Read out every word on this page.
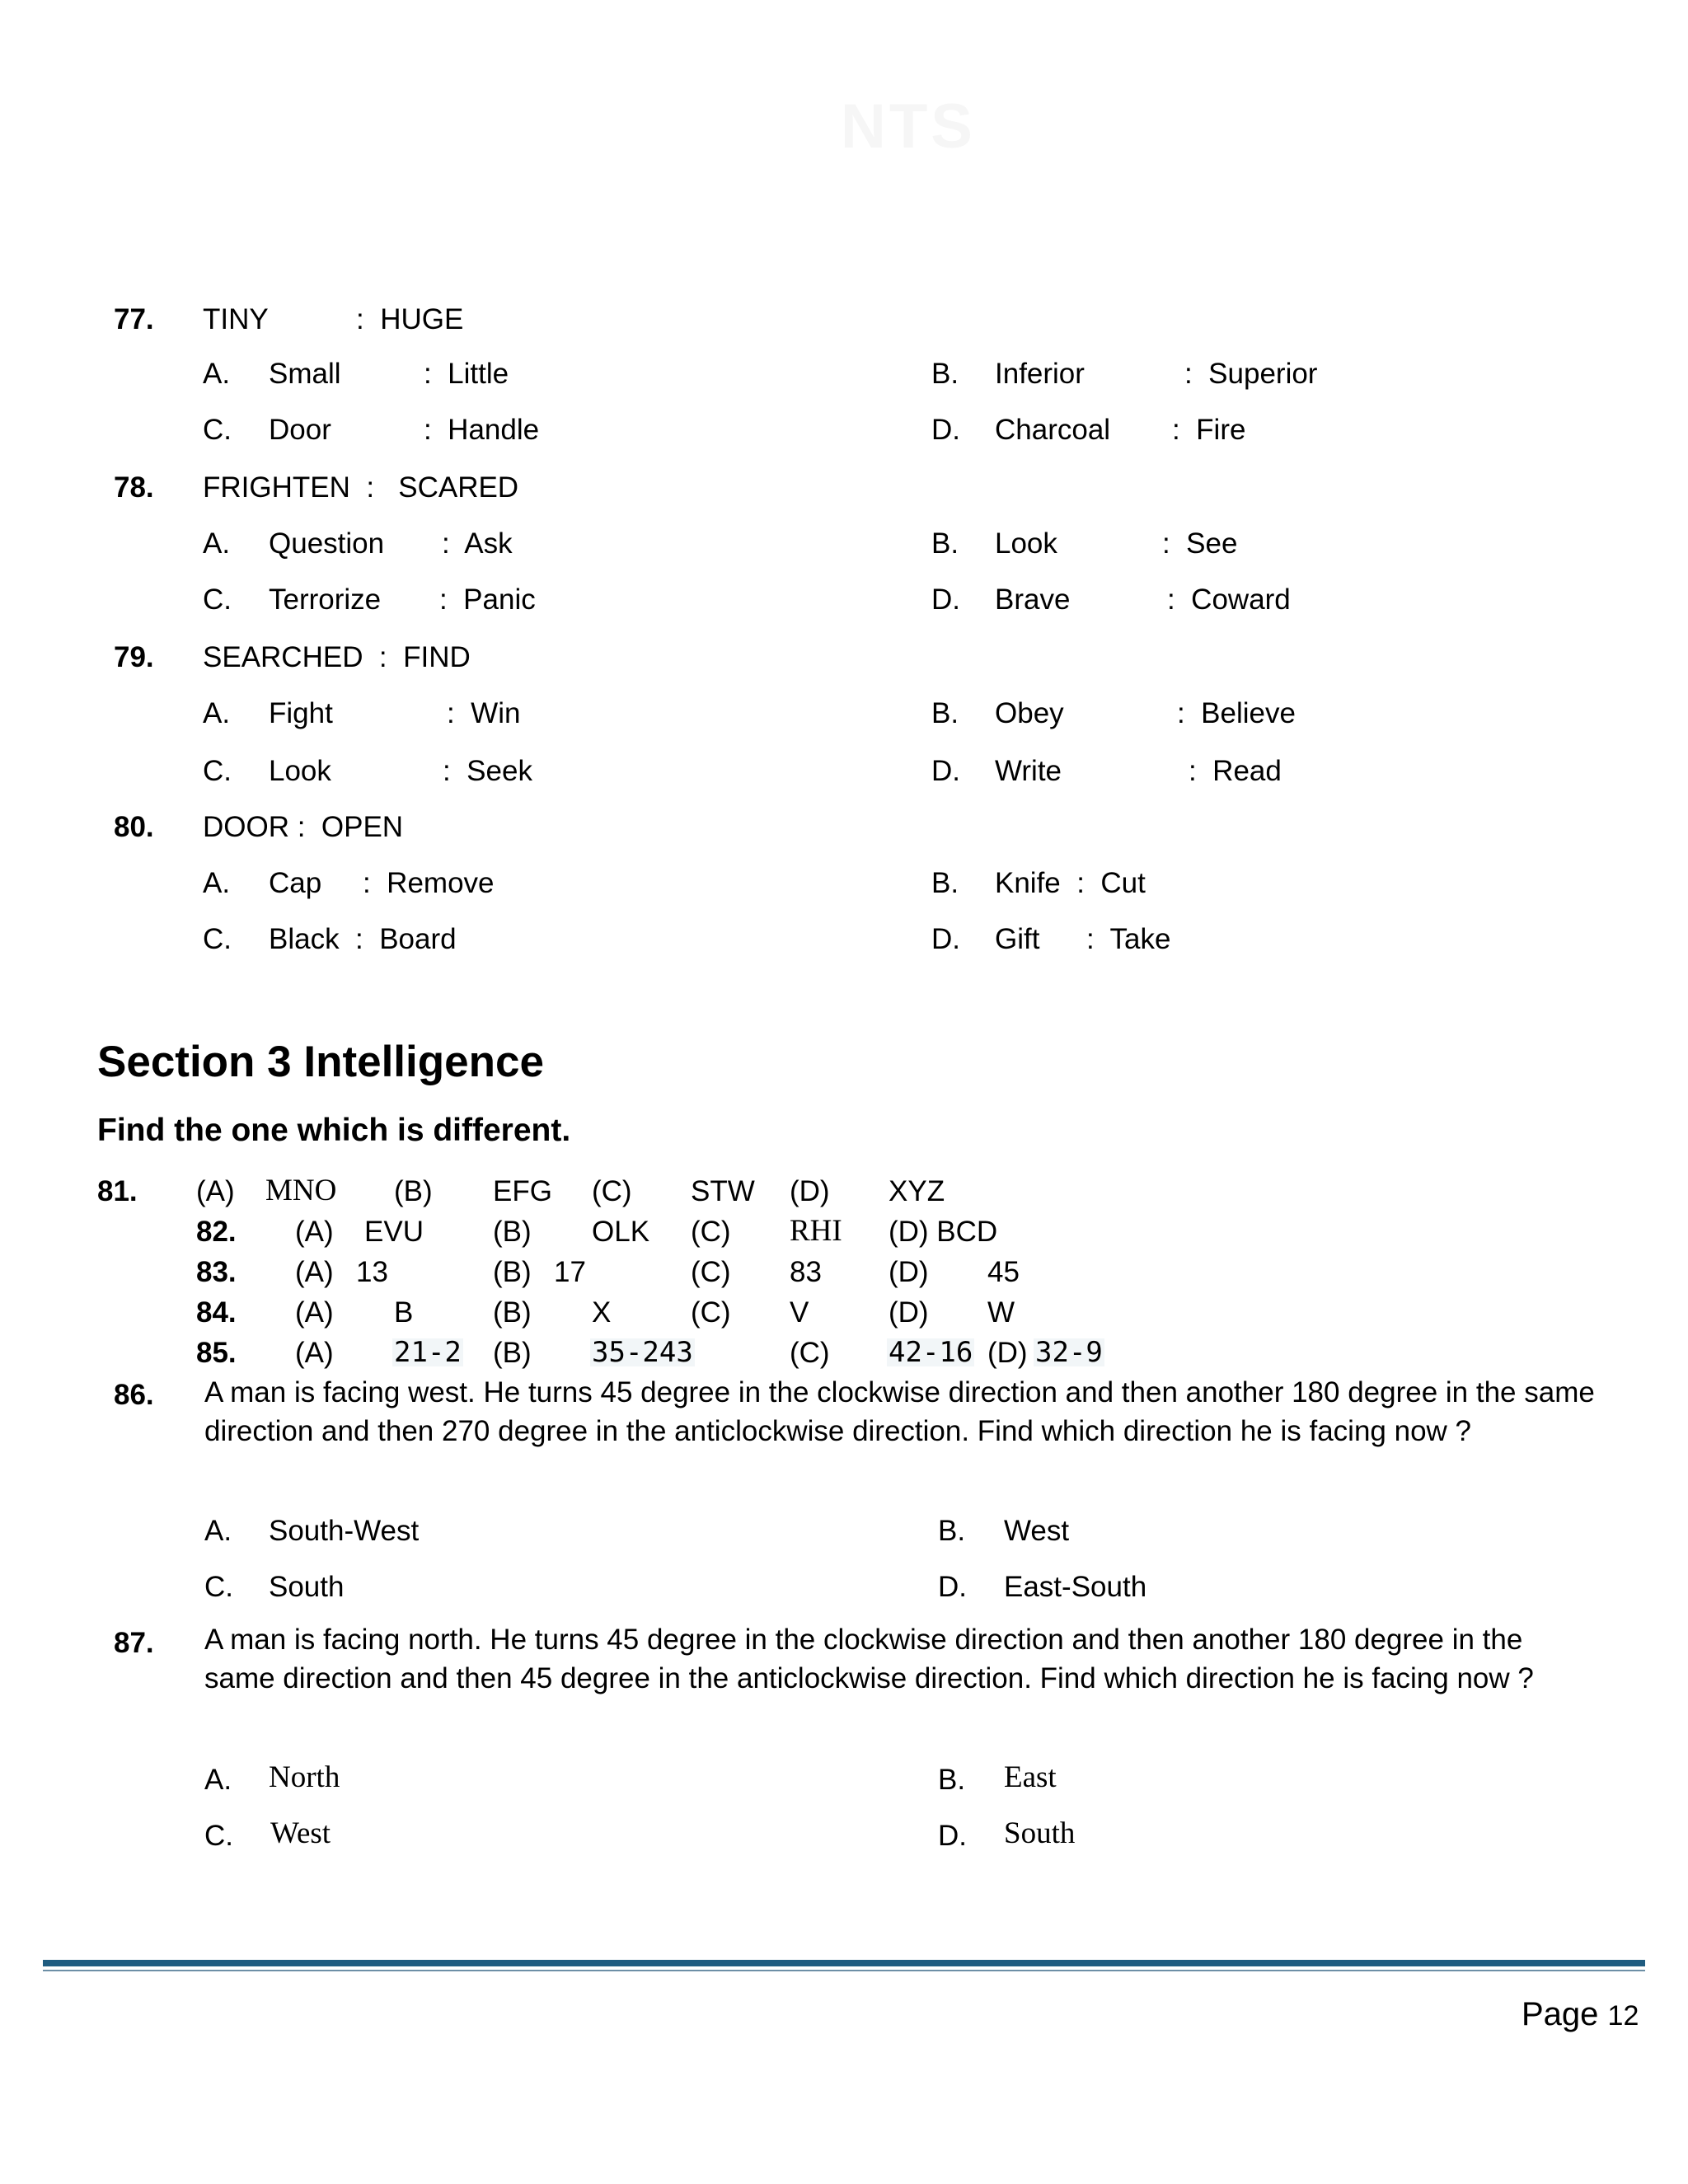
NTS
77. TINY           :  HUGE
A. Small	:  Little	B. Inferior	:  Superior
C. Door	:  Handle	D. Charcoal :  Fire
78. FRIGHTEN  :   SCARED
A. Question :  Ask	B. Look	:  See
C. Terrorize :  Panic	D. Brave	:  Coward
79. SEARCHED  :  FIND
A. Fight	:  Win	B. Obey	:  Believe
C. Look	:  Seek	D. Write	:  Read
80. DOOR :  OPEN
A. Cap :  Remove	B. Knife  :  Cut
C. Black  :  Board	D. Gift :  Take
Section 3 Intelligence
Find the one which is different.
81. (A) MNO (B) EFG (C) STW (D) XYZ
82. (A) EVU (B) OLK (C) RHI (D) BCD
83. (A) 13	(B) 17	(C) 83 (D) 45
84. (A) B	(B) X	(C) V	(D) W
85. (A) 21-2 (B) 35-243	(C) 42-16 (D) 32-9
86. A man is facing west. He turns 45 degree in the clockwise direction and then another 180 degree in the same direction and then 270 degree in the anticlockwise direction. Find which direction he is facing now ?
A. South-West	B. West
C. South	D. East-South
87. A man is facing north. He turns 45 degree in the clockwise direction and then another 180 degree in the same direction and then 45 degree in the anticlockwise direction. Find which direction he is facing now ?
A. North	B. East
C. West	D. South
Page 12
